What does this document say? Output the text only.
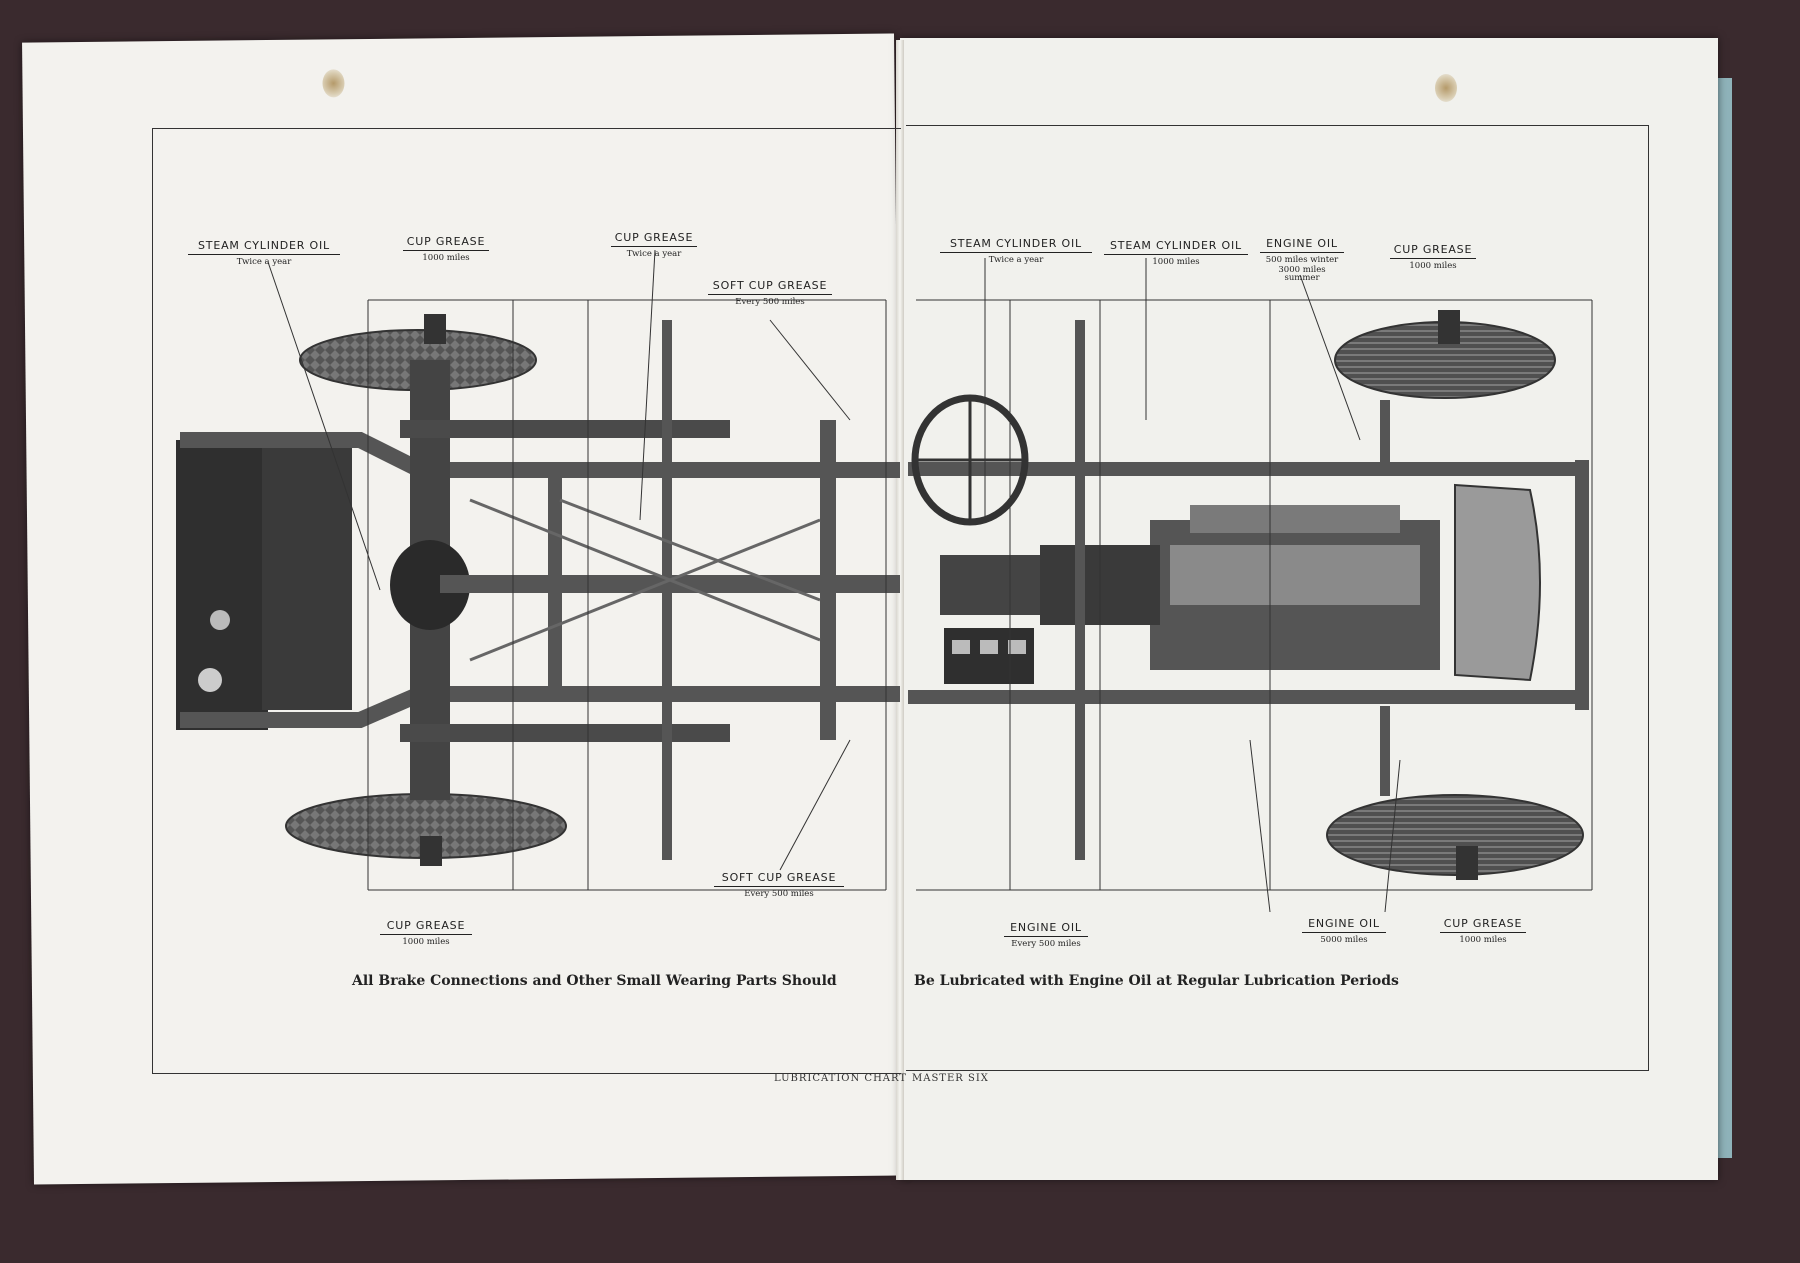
STEAM CYLINDER OIL
Twice a year
CUP GREASE
1000 miles
CUP GREASE
Twice a year
SOFT CUP GREASE
Every 500 miles
SOFT CUP GREASE
Every 500 miles
CUP GREASE
1000 miles
STEAM CYLINDER OIL
Twice a year
STEAM CYLINDER OIL
1000 miles
ENGINE OIL
500 miles winter
3000 miles summer
CUP GREASE
1000 miles
ENGINE OIL
Every 500 miles
ENGINE OIL
5000 miles
CUP GREASE
1000 miles
All Brake Connections and Other Small Wearing Parts Should	Be Lubricated with Engine Oil at Regular Lubrication Periods
LUBRICATION CHART MASTER SIX
